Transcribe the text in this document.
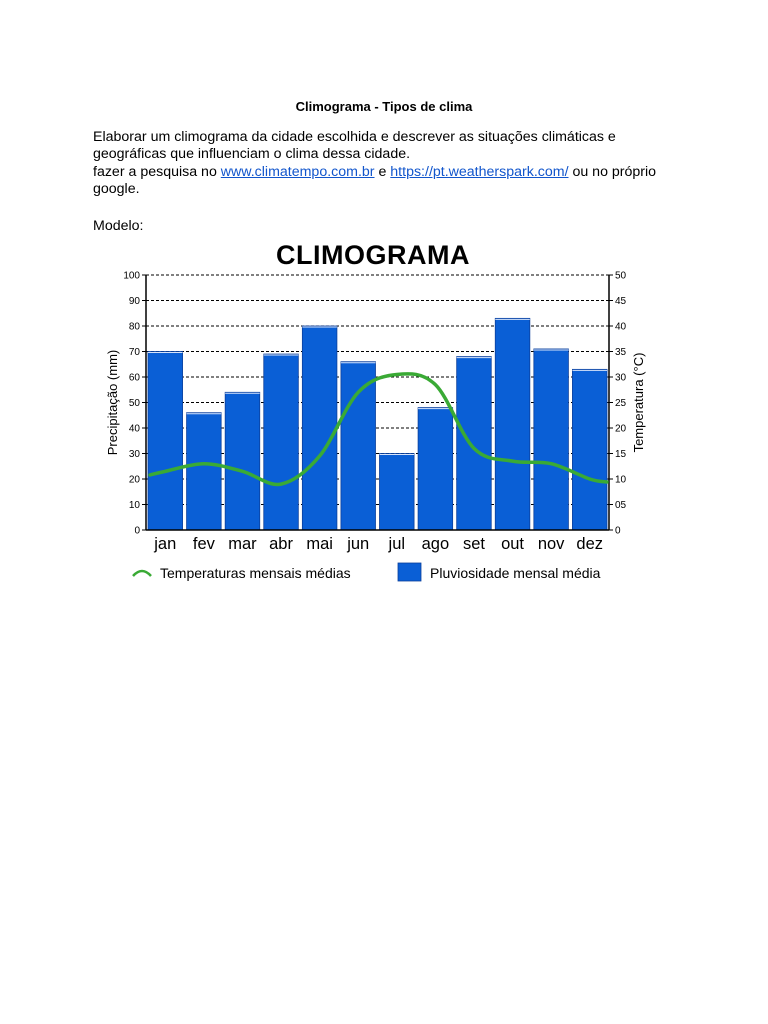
Climograma - Tipos de clima

Elaborar um climograma da cidade escolhida e descrever as situações climáticas e geográficas que influenciam o clima dessa cidade.

fazer a pesquisa no www.climatempo.com.br e https://pt.weatherspark.com/ ou no próprio google.

Modelo:
CLIMOGRAMA
0
10
20
30
40
50
60
70
80
90
100
0
05
10
15
20
25
30
35
40
45
50
jan fev mar abr mai jun jul ago set out nov dez
Precipitação (mm)	Temperatura (°C)
Temperaturas mensais médias	Pluviosidade mensal média
